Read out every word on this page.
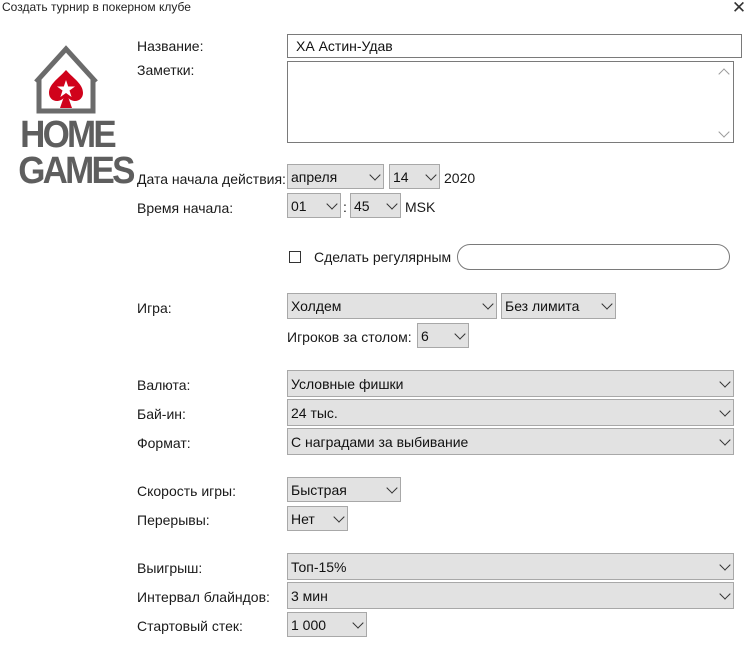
Создать турнир в покерном клубе	✕
HOME
GAMES
Название:	ХА Астин-Удав
Заметки:
Дата начала действия: апреля	14	2020
Время начала:	01	: 45	MSK
Сделать регулярным
Игра:	Холдем	Без лимита
Игроков за столом: 6
Валюта:	Условные фишки
Бай-ин:	24 тыс.
Формат:	С наградами за выбивание
Скорость игры:	Быстрая
Перерывы:	Нет
Выигрыш:	Топ-15%
Интервал блайндов: 3 мин
Стартовый стек:	1 000
